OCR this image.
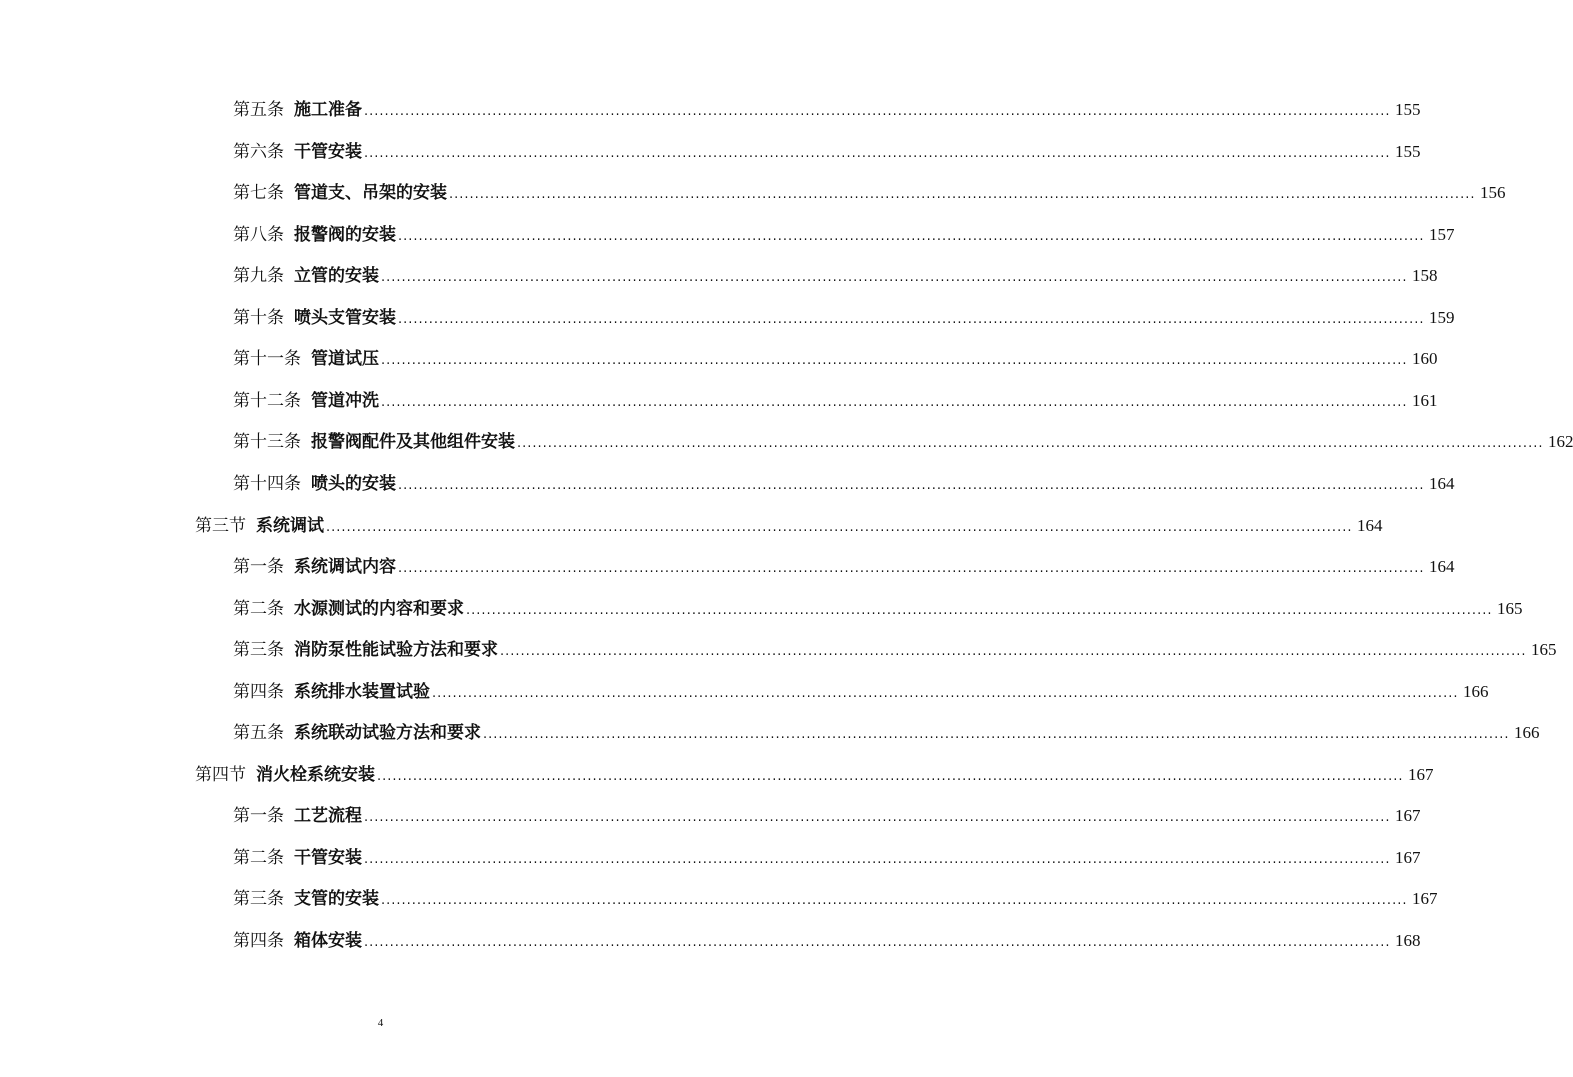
第五条 施工准备 ........................................................................................................................................................................................................ 155
第六条 干管安装 ........................................................................................................................................................................................................ 155
第七条 管道支、吊架的安装 ........................................................................................................................................................................................................ 156
第八条 报警阀的安装 ........................................................................................................................................................................................................ 157
第九条 立管的安装 ........................................................................................................................................................................................................ 158
第十条 喷头支管安装 ........................................................................................................................................................................................................ 159
第十一条 管道试压 ........................................................................................................................................................................................................ 160
第十二条 管道冲洗 ........................................................................................................................................................................................................ 161
第十三条 报警阀配件及其他组件安装 ........................................................................................................................................................................................................ 162
第十四条 喷头的安装 ........................................................................................................................................................................................................ 164
第三节 系统调试 ........................................................................................................................................................................................................ 164
第一条 系统调试内容 ........................................................................................................................................................................................................ 164
第二条 水源测试的内容和要求 ........................................................................................................................................................................................................ 165
第三条 消防泵性能试验方法和要求 ........................................................................................................................................................................................................ 165
第四条 系统排水装置试验 ........................................................................................................................................................................................................ 166
第五条 系统联动试验方法和要求 ........................................................................................................................................................................................................ 166
第四节 消火栓系统安装 ........................................................................................................................................................................................................ 167
第一条 工艺流程 ........................................................................................................................................................................................................ 167
第二条 干管安装 ........................................................................................................................................................................................................ 167
第三条 支管的安装 ........................................................................................................................................................................................................ 167
第四条 箱体安装 ........................................................................................................................................................................................................ 168
4
